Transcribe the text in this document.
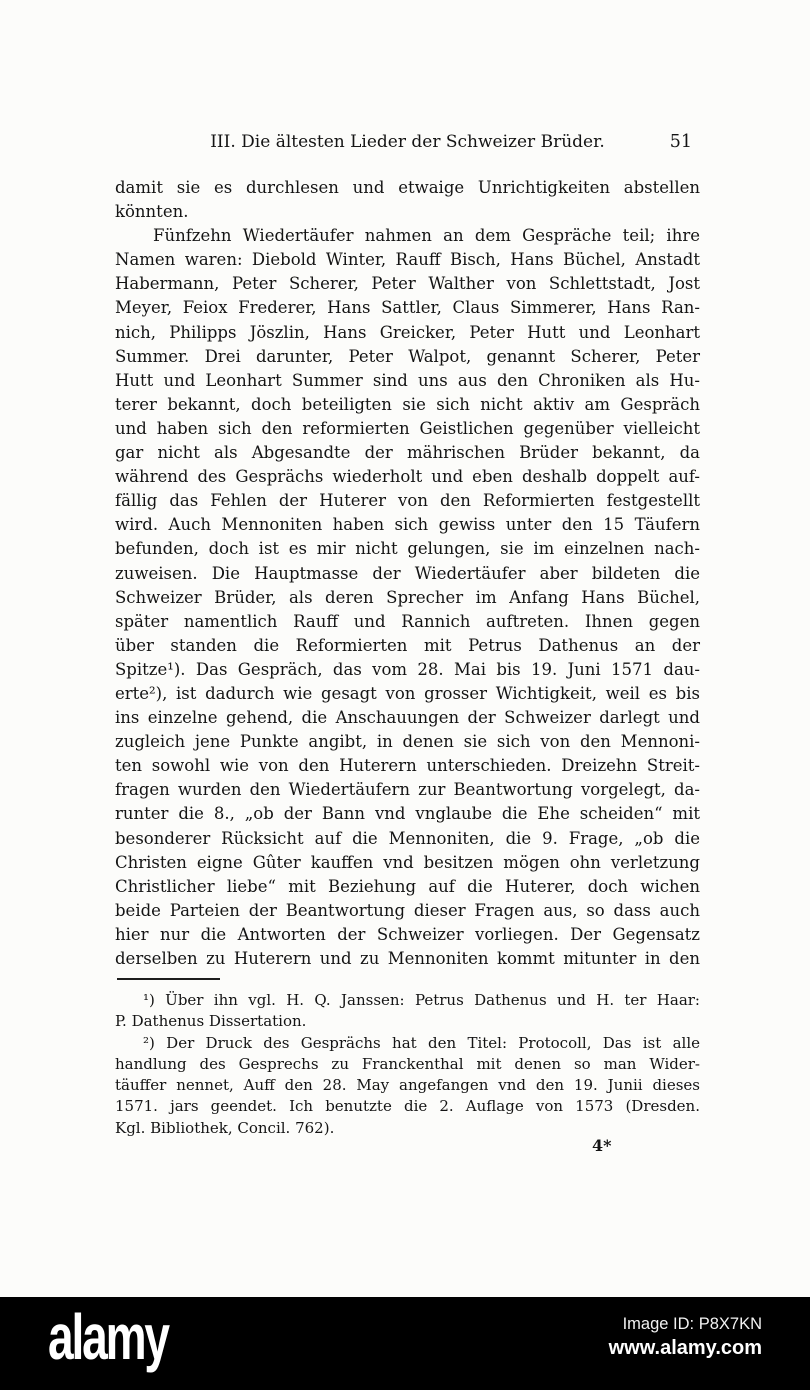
III. Die ältesten Lieder der Schweizer Brüder.	51
damit sie es durchlesen und etwaige Unrichtigkeiten abstellen
könnten.
Fünfzehn Wiedertäufer nahmen an dem Gespräche teil; ihre
Namen waren: Diebold Winter, Rauff Bisch, Hans Büchel, Anstadt
Habermann, Peter Scherer, Peter Walther von Schlettstadt, Jost
Meyer, Feiox Frederer, Hans Sattler, Claus Simmerer, Hans Ran-
nich, Philipps Jöszlin, Hans Greicker, Peter Hutt und Leonhart
Summer. Drei darunter, Peter Walpot, genannt Scherer, Peter
Hutt und Leonhart Summer sind uns aus den Chroniken als Hu-
terer bekannt, doch beteiligten sie sich nicht aktiv am Gespräch
und haben sich den reformierten Geistlichen gegenüber vielleicht
gar nicht als Abgesandte der mährischen Brüder bekannt, da
während des Gesprächs wiederholt und eben deshalb doppelt auf-
fällig das Fehlen der Huterer von den Reformierten festgestellt
wird. Auch Mennoniten haben sich gewiss unter den 15 Täufern
befunden, doch ist es mir nicht gelungen, sie im einzelnen nach-
zuweisen. Die Hauptmasse der Wiedertäufer aber bildeten die
Schweizer Brüder, als deren Sprecher im Anfang Hans Büchel,
später namentlich Rauff und Rannich auftreten. Ihnen gegen
über standen die Reformierten mit Petrus Dathenus an der
Spitze¹). Das Gespräch, das vom 28. Mai bis 19. Juni 1571 dau-
erte²), ist dadurch wie gesagt von grosser Wichtigkeit, weil es bis
ins einzelne gehend, die Anschauungen der Schweizer darlegt und
zugleich jene Punkte angibt, in denen sie sich von den Mennoni-
ten sowohl wie von den Huterern unterschieden. Dreizehn Streit-
fragen wurden den Wiedertäufern zur Beantwortung vorgelegt, da-
runter die 8., „ob der Bann vnd vnglaube die Ehe scheiden“ mit
besonderer Rücksicht auf die Mennoniten, die 9. Frage, „ob die
Christen eigne Gûter kauffen vnd besitzen mögen ohn verletzung
Christlicher liebe“ mit Beziehung auf die Huterer, doch wichen
beide Parteien der Beantwortung dieser Fragen aus, so dass auch
hier nur die Antworten der Schweizer vorliegen. Der Gegensatz
derselben zu Huterern und zu Mennoniten kommt mitunter in den
¹) Über ihn vgl. H. Q. Janssen: Petrus Dathenus und H. ter Haar:
P. Dathenus Dissertation.
²) Der Druck des Gesprächs hat den Titel: Protocoll, Das ist alle
handlung des Gesprechs zu Franckenthal mit denen so man Wider-
täuffer nennet, Auff den 28. May angefangen vnd den 19. Junii dieses
1571. jars geendet. Ich benutzte die 2. Auflage von 1573 (Dresden.
Kgl. Bibliothek, Concil. 762).
4*
alamy	Image ID: P8X7KN
www.alamy.com
